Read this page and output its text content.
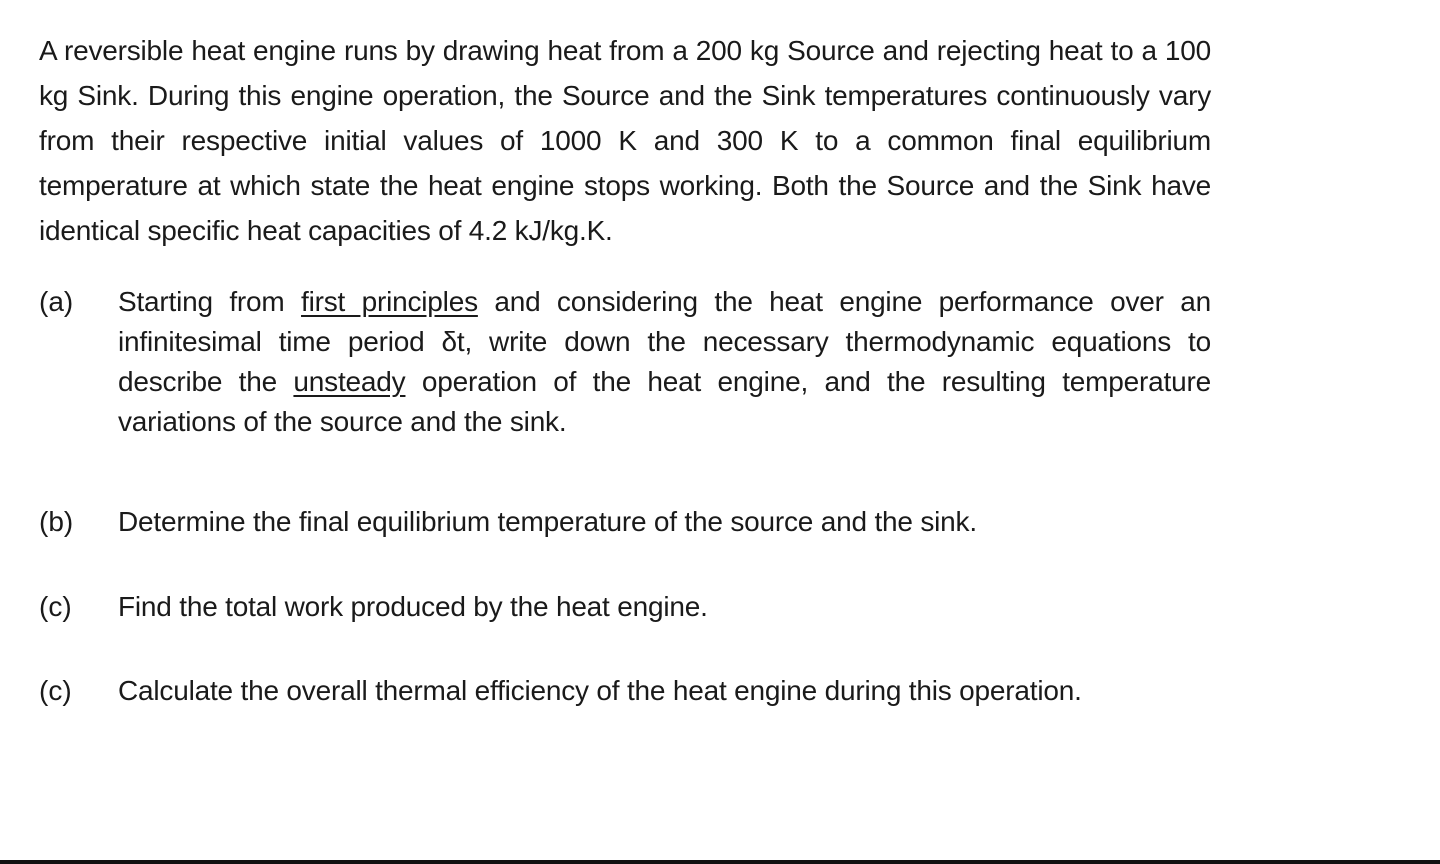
A reversible heat engine runs by drawing heat from a 200 kg Source and rejecting heat to a 100 kg Sink. During this engine operation, the Source and the Sink temperatures continuously vary from their respective initial values of 1000 K and 300 K to a common final equilibrium temperature at which state the heat engine stops working. Both the Source and the Sink have identical specific heat capacities of 4.2 kJ/kg.K.

(a)	Starting from first principles and considering the heat engine performance over an infinitesimal time period δt, write down the necessary thermodynamic equations to describe the unsteady operation of the heat engine, and the resulting temperature variations of the source and the sink.
(b)	Determine the final equilibrium temperature of the source and the sink.
(c)	Find the total work produced by the heat engine.
(c)	Calculate the overall thermal efficiency of the heat engine during this operation.
